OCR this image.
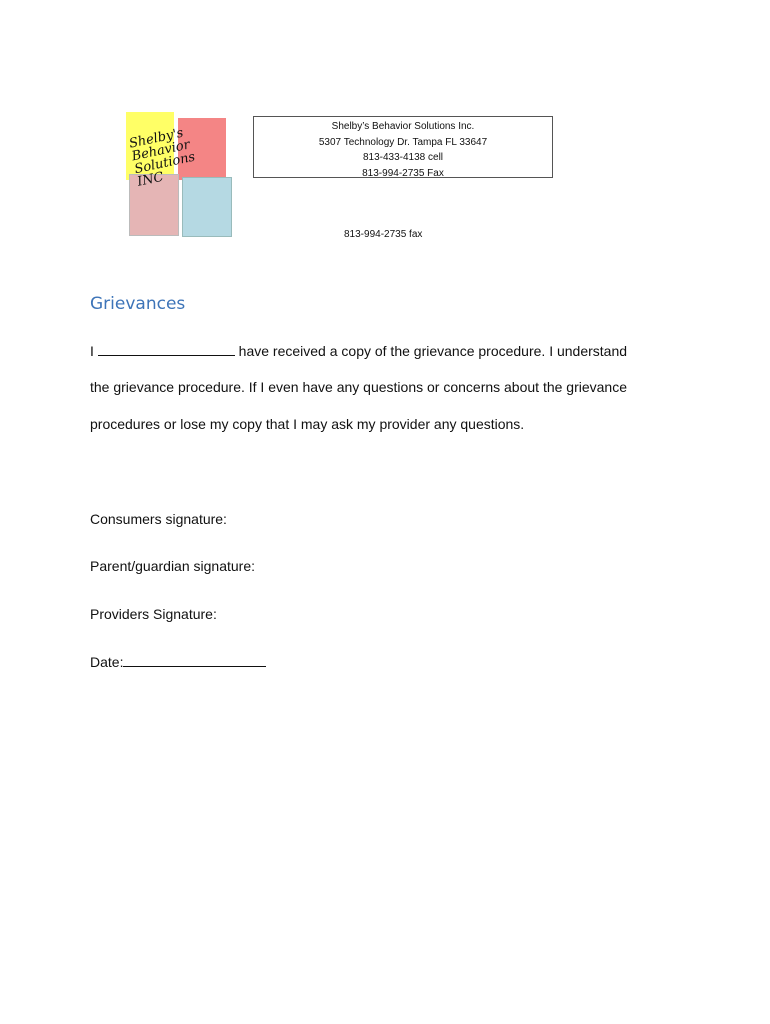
Shelby's
Behavior
Solutions
INC
Shelby’s Behavior Solutions Inc.
5307 Technology Dr. Tampa FL 33647
813-433-4138 cell
813-994-2735 Fax
813-994-2735 fax
Grievances
I	have received a copy of the grievance procedure. I understand
the grievance procedure. If I even have any questions or concerns about the grievance
procedures or lose my copy that I may ask my provider any questions.
Consumers signature:
Parent/guardian signature:
Providers Signature:
Date:
